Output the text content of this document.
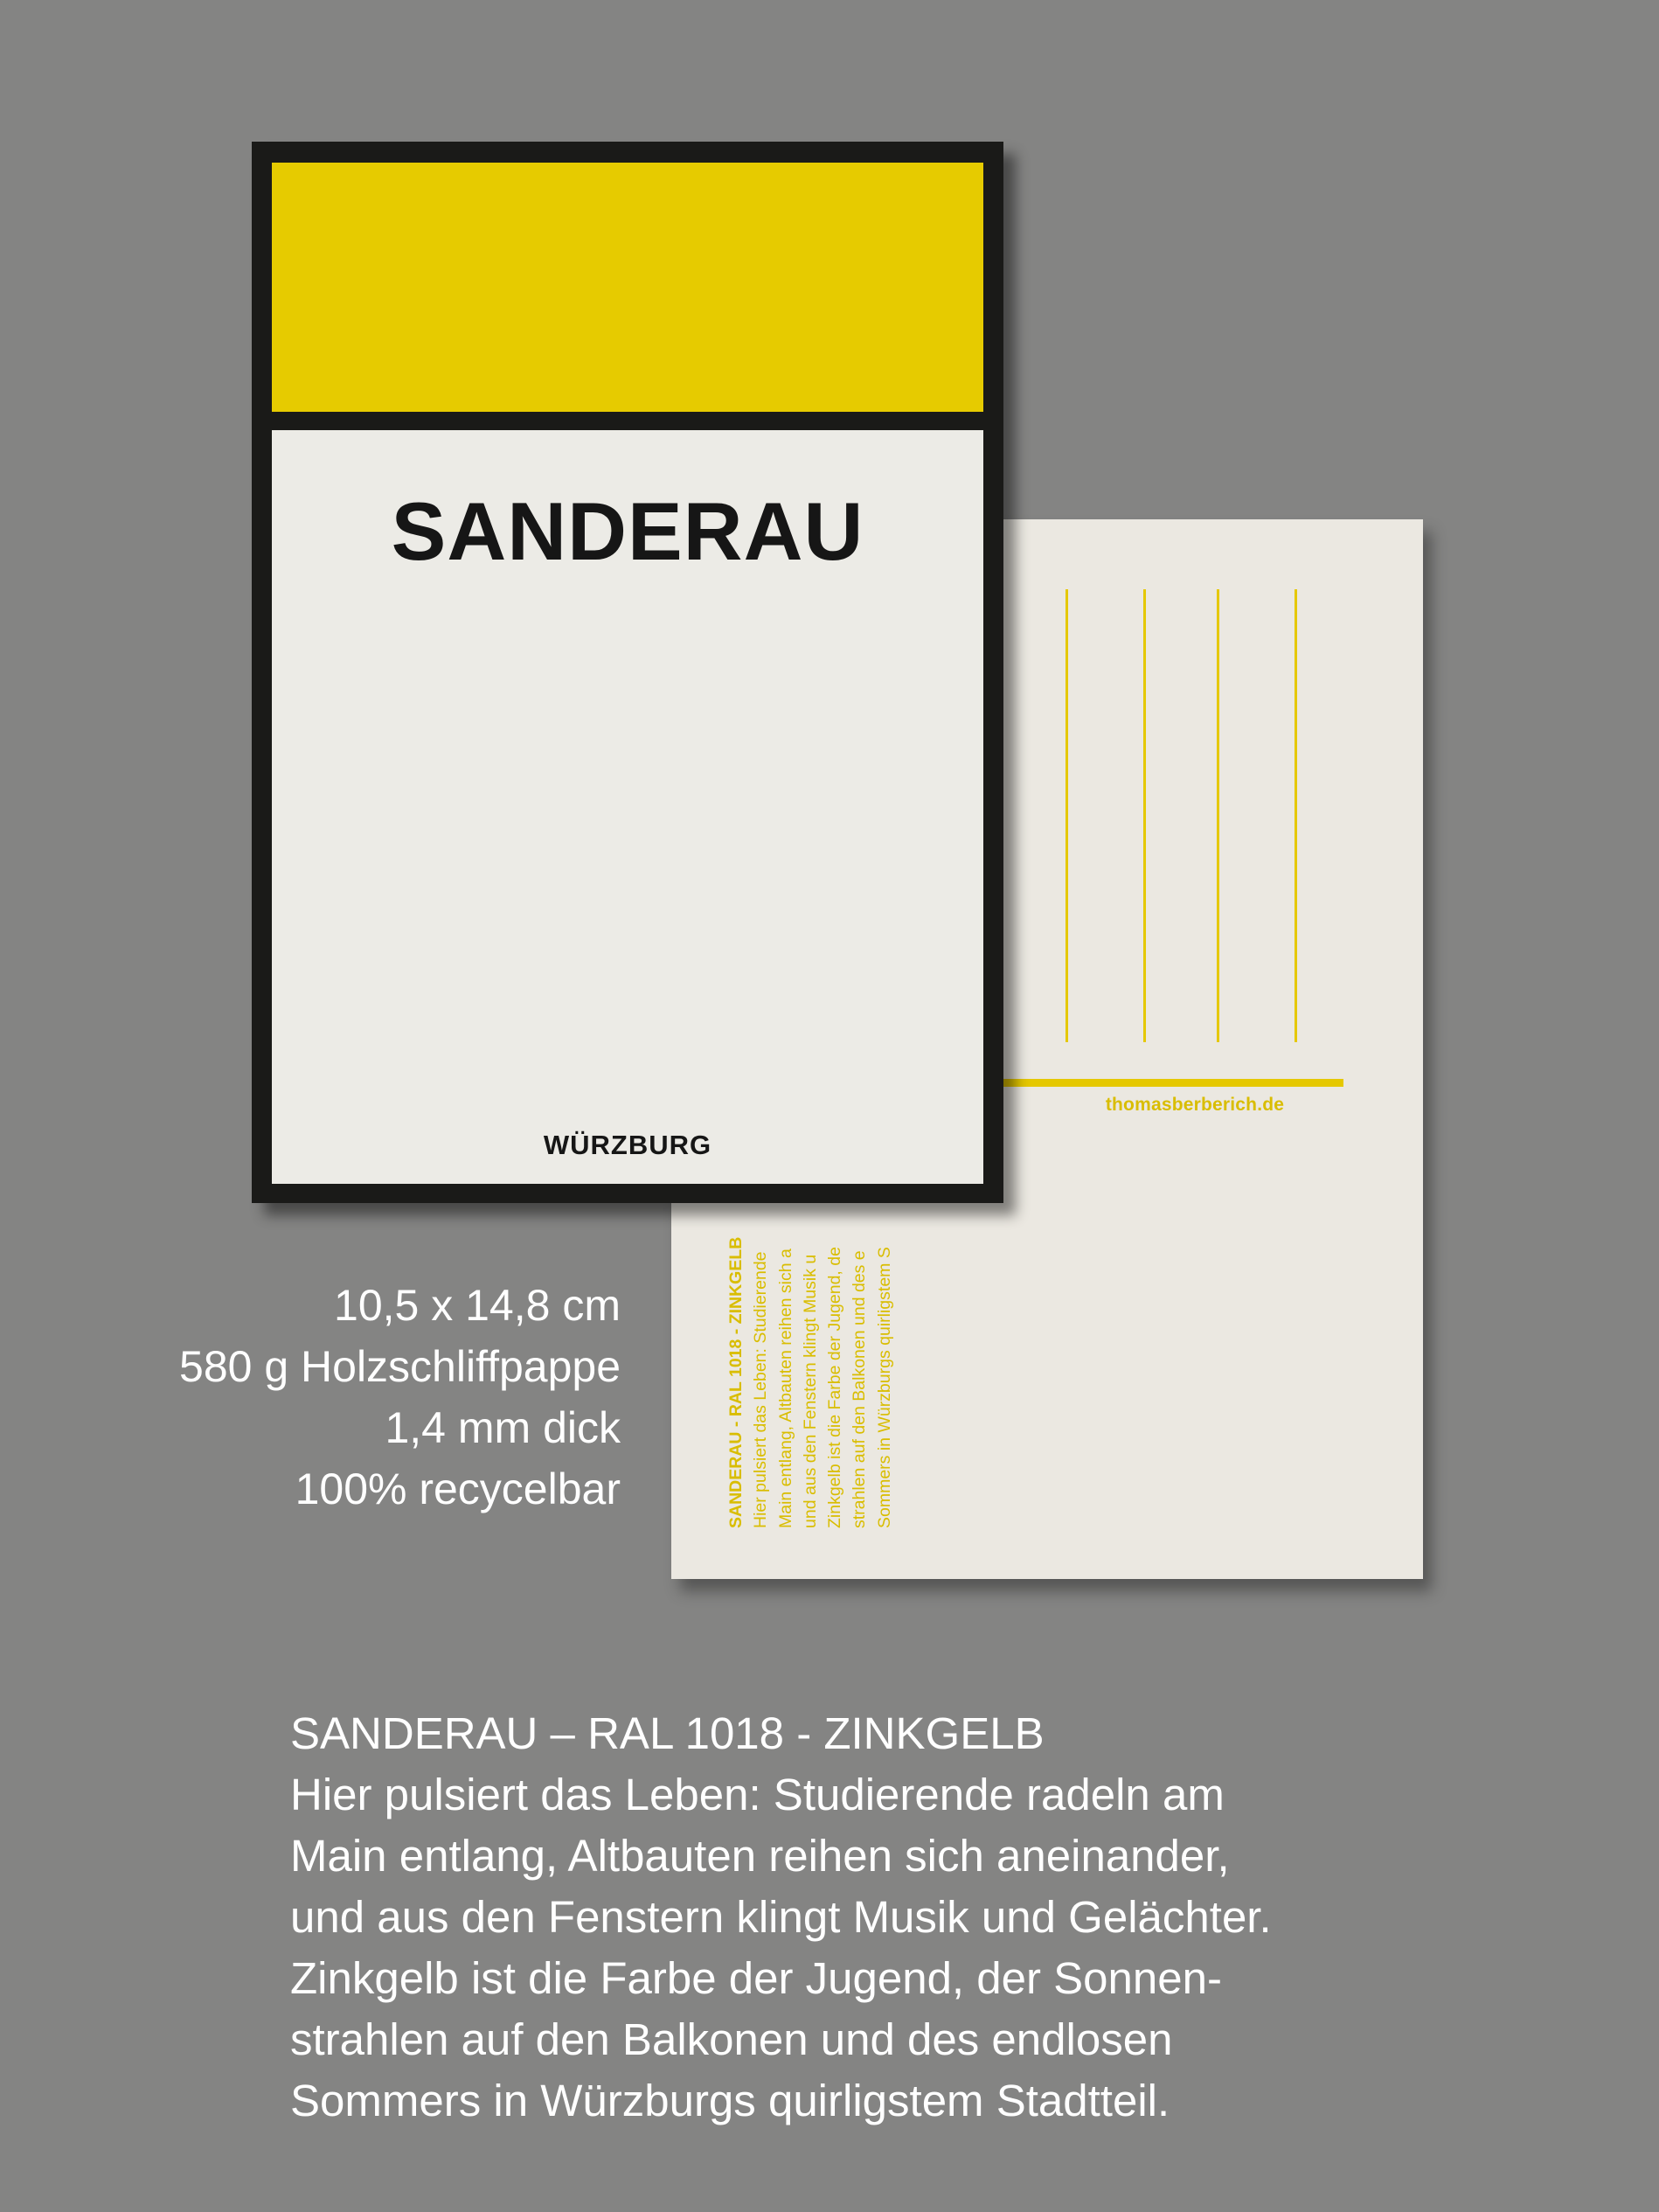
thomasberberich.de
SANDERAU - RAL 1018 - ZINKGELB Hier pulsiert das Leben: Studierende Main entlang, Altbauten reihen sich a und aus den Fenstern klingt Musik u Zinkgelb ist die Farbe der Jugend, de strahlen auf den Balkonen und des e Sommers in Würzburgs quirligstem S
SANDERAU
WÜRZBURG
10,5 x 14,8 cm
580 g Holzschliffpappe
1,4 mm dick
100% recycelbar
SANDERAU – RAL 1018 - ZINKGELB
Hier pulsiert das Leben: Studierende radeln am
Main entlang, Altbauten reihen sich aneinander,
und aus den Fenstern klingt Musik und Gelächter.
Zinkgelb ist die Farbe der Jugend, der Sonnen-
strahlen auf den Balkonen und des endlosen
Sommers in Würzburgs quirligstem Stadtteil.
